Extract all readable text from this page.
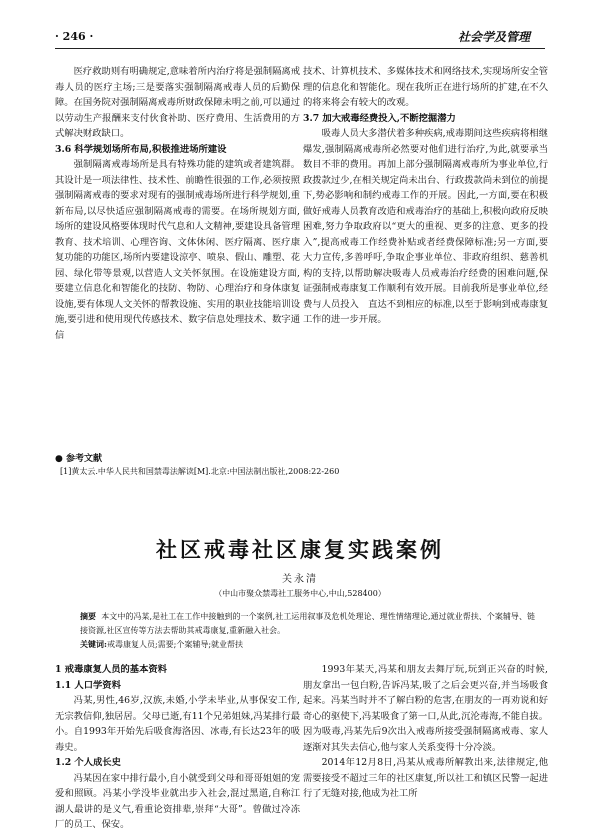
· 246 ·	社会学及管理

医疗救助则有明确规定,意味着所内治疗将是强制隔离戒毒人员的医疗主场;三是要落实强制隔离戒毒人员的后勤保障。在国务院对强制隔离戒毒所财政保障未明之前,可以通过以劳动生产报酬来支付伙食补助、医疗费用、生活费用的方式解决财政缺口。

3.6 科学规划场所布局,积极推进场所建设

强制隔离戒毒场所是具有特殊功能的建筑或者建筑群。其设计是一项法律性、技术性、前瞻性很强的工作,必须按照强制隔离戒毒的要求对现有的强制戒毒场所进行科学规划,重新布局,以尽快适应强制隔离戒毒的需要。在场所规划方面,场所的建设风格要体现时代气息和人文精神,要建设具备管理教育、技术培训、心理咨询、文体休闲、医疗隔离、医疗康复功能的功能区,场所内要建设涼亭、喷泉、假山、雕塑、花园、绿化带等景观,以营造人文关怀氛围。在设施建设方面,要建立信息化和智能化的技防、物防、心理治疗和身体康复设施,要有体现人文关怀的帮教设施、实用的职业技能培训设施,要引进和使用现代传感技术、数字信息处理技术、数字通信

技术、计算机技术、多媒体技术和网络技术,实现场所安全管理的信息化和智能化。现在我所正在进行场所的扩建,在不久的将来将会有较大的改观。

3.7 加大戒毒经费投入,不断挖掘潜力

吸毒人员大多潜伏着多种疾病,戒毒期间这些疾病将相继爆发,强制隔离戒毒所必然要对他们进行治疗,为此,就要承当数目不菲的费用。再加上部分强制隔离戒毒所为事业单位,行政拨款过少,在相关规定尚未出台、行政拨款尚未到位的前提下,势必影响和制约戒毒工作的开展。因此,一方面,要在积极做好戒毒人员教育改造和戒毒治疗的基础上,积极向政府反映困难,努力争取政府以“更大的重视、更多的注意、更多的投入”,提高戒毒工作经费补贴或者经费保障标准;另一方面,要大力宣传,多善呼吁,争取企事业单位、非政府组织、慈善机构的支持,以帮助解决吸毒人员戒毒治疗经费的困难问题,保证强制戒毒康复工作顺利有效开展。目前我所是事业单位,经费与人员投入　直达不到相应的标准,以至于影响到戒毒康复工作的进一步开展。

● 参考文献
[1]黄太云.中华人民共和国禁毒法解读[M].北京:中国法制出版社,2008:22-260
社区戒毒社区康复实践案例
关永清
（中山市聚众禁毒社工服务中心,中山,528400）

摘要 本文中的冯某,是社工在工作中接触到的一个案例,社工运用叙事及危机处理论、理性情绪理论,通过就业帮扶、个案辅导、链接资源,社区宣传等方法去帮助其戒毒康复,重新融入社会。

关键词:戒毒康复人员;需要;个案辅导;就业帮扶

1 戒毒康复人员的基本资料

1.1 人口学资料

冯某,男性,46岁,汉族,未婚,小学未毕业,从事保安工作,无宗教信仰,独居居。父母已逝,有11个兄弟姐妹,冯某排行最小。自1993年开始先后吸食海洛因、冰毒,有长达23年的吸毒史。

1.2 个人成长史

冯某因在家中排行最小,自小就受到父母和哥哥姐姐的宠爱和照顾。冯某小学没毕业就出步入社会,混过黑道,自称江湖人最讲的是义气,看重论资排辈,崇拜“大哥”。曾做过冷冻厂的员工、保安。

1993年某天,冯某和朋友去舞厅玩,玩到正兴奋的时候,朋友拿出一包白粉,告诉冯某,吸了之后会更兴奋,并当场吸食起来。冯某当时并不了解白粉的危害,在朋友的一再劝说和好奇心的驱使下,冯某吸食了第一口,从此,沉沦毒海,不能自拔。因为吸毒,冯某先后9次出入戒毒所接受强制隔离戒毒、家人逐渐对其失去信心,他与家人关系变得十分冷淡。

2014年12月8日,冯某从戒毒所解教出来,法律规定,他需要接受不超过三年的社区康复,所以社工和镇区民警一起进行了无缝对接,他成为社工所
